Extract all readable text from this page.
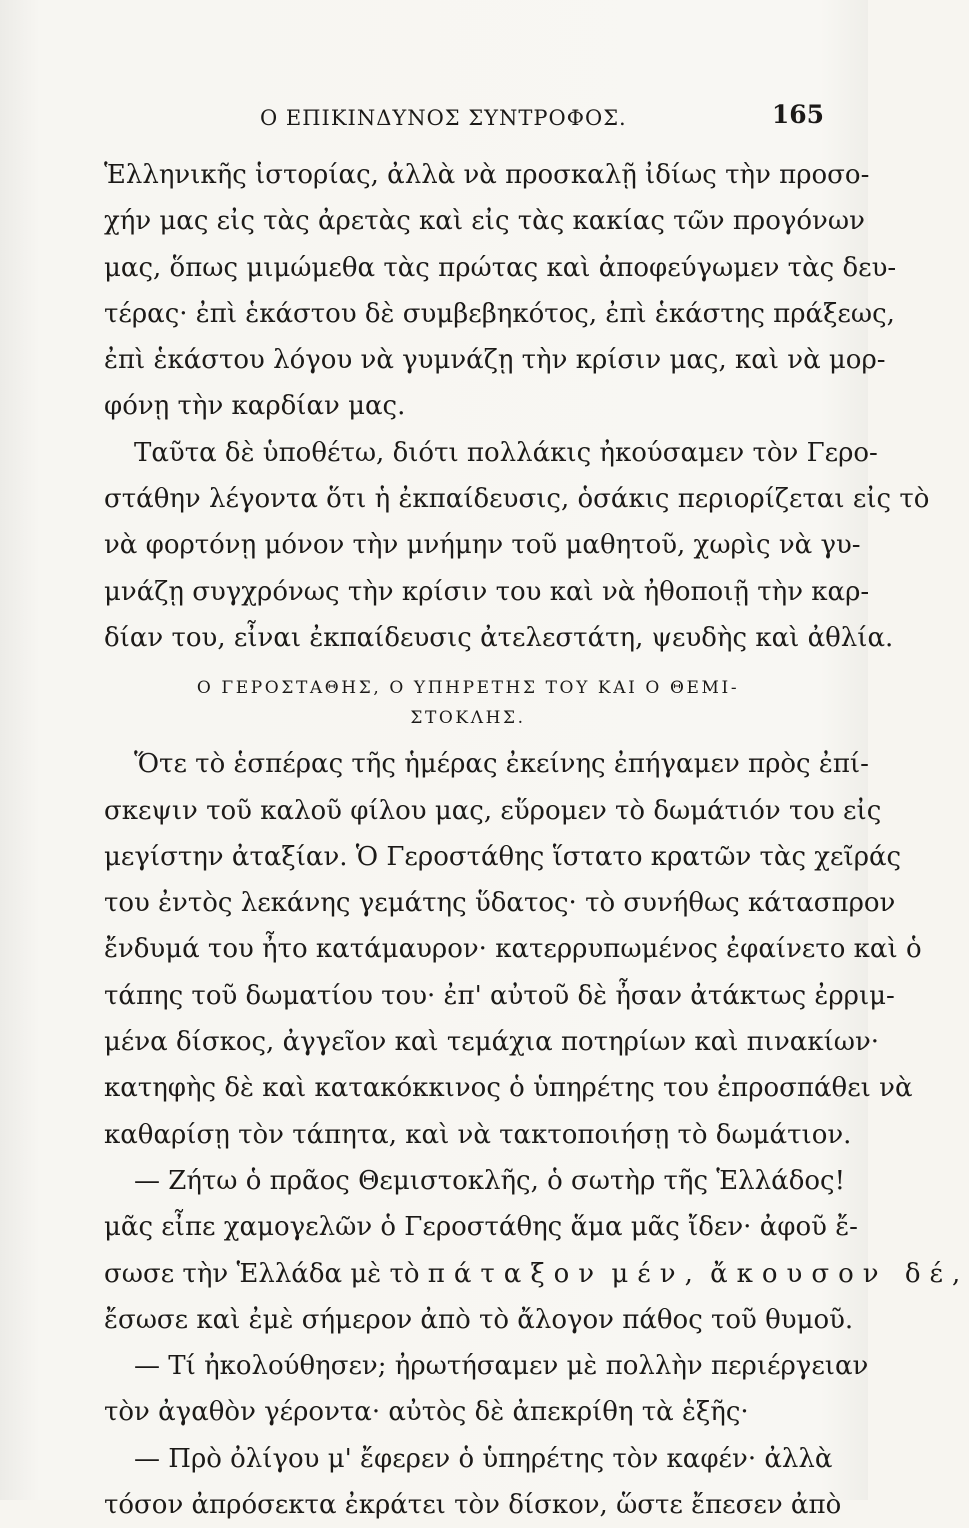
Ο ΕΠΙΚΙΝΔΥΝΟΣ ΣΥΝΤΡΟΦΟΣ.	165
Ἑλληνικῆς ἱστορίας, ἀλλὰ νὰ προσκαλῇ ἰδίως τὴν προσο-
χήν μας εἰς τὰς ἀρετὰς καὶ εἰς τὰς κακίας τῶν προγόνων
μας, ὅπως μιμώμεθα τὰς πρώτας καὶ ἀποφεύγωμεν τὰς δευ-
τέρας· ἐπὶ ἑκάστου δὲ συμβεβηκότος, ἐπὶ ἑκάστης πράξεως,
ἐπὶ ἑκάστου λόγου νὰ γυμνάζῃ τὴν κρίσιν μας, καὶ νὰ μορ-
φόνῃ τὴν καρδίαν μας.
Ταῦτα δὲ ὑποθέτω, διότι πολλάκις ἠκούσαμεν τὸν Γερο-
στάθην λέγοντα ὅτι ἡ ἐκπαίδευσις, ὁσάκις περιορίζεται εἰς τὸ
νὰ φορτόνῃ μόνον τὴν μνήμην τοῦ μαθητοῦ, χωρὶς νὰ γυ-
μνάζῃ συγχρόνως τὴν κρίσιν του καὶ νὰ ἠθοποιῇ τὴν καρ-
δίαν του, εἶναι ἐκπαίδευσις ἀτελεστάτη, ψευδὴς καὶ ἀθλία.
Ο ΓΕΡΟΣΤΑΘΗΣ, Ο ΥΠΗΡΕΤΗΣ ΤΟΥ ΚΑΙ Ο ΘΕΜΙ-
ΣΤΟΚΛΗΣ.
Ὅτε τὸ ἑσπέρας τῆς ἡμέρας ἐκείνης ἐπήγαμεν πρὸς ἐπί-
σκεψιν τοῦ καλοῦ φίλου μας, εὕρομεν τὸ δωμάτιόν του εἰς
μεγίστην ἀταξίαν. Ὁ Γεροστάθης ἵστατο κρατῶν τὰς χεῖράς
του ἐντὸς λεκάνης γεμάτης ὕδατος· τὸ συνήθως κάτασπρον
ἔνδυμά του ἦτο κατάμαυρον· κατερρυπωμένος ἐφαίνετο καὶ ὁ
τάπης τοῦ δωματίου του· ἐπ' αὐτοῦ δὲ ἦσαν ἀτάκτως ἐρριμ-
μένα δίσκος, ἀγγεῖον καὶ τεμάχια ποτηρίων καὶ πινακίων·
κατηφὴς δὲ καὶ κατακόκκινος ὁ ὑπηρέτης του ἐπροσπάθει νὰ
καθαρίσῃ τὸν τάπητα, καὶ νὰ τακτοποιήσῃ τὸ δωμάτιον.
— Ζήτω ὁ πρᾶος Θεμιστοκλῆς, ὁ σωτὴρ τῆς Ἑλλάδος!
μᾶς εἶπε χαμογελῶν ὁ Γεροστάθης ἅμα μᾶς ἴδεν· ἀφοῦ ἔ-
σωσε τὴν Ἑλλάδα μὲ τὸ πάταξον μέν, ἄκουσον δέ,
ἔσωσε καὶ ἐμὲ σήμερον ἀπὸ τὸ ἄλογον πάθος τοῦ θυμοῦ.
— Τί ἠκολούθησεν; ἠρωτήσαμεν μὲ πολλὴν περιέργειαν
τὸν ἀγαθὸν γέροντα· αὐτὸς δὲ ἀπεκρίθη τὰ ἑξῆς·
— Πρὸ ὀλίγου μ' ἔφερεν ὁ ὑπηρέτης τὸν καφέν· ἀλλὰ
τόσον ἀπρόσεκτα ἐκράτει τὸν δίσκον, ὥστε ἔπεσεν ἀπὸ
